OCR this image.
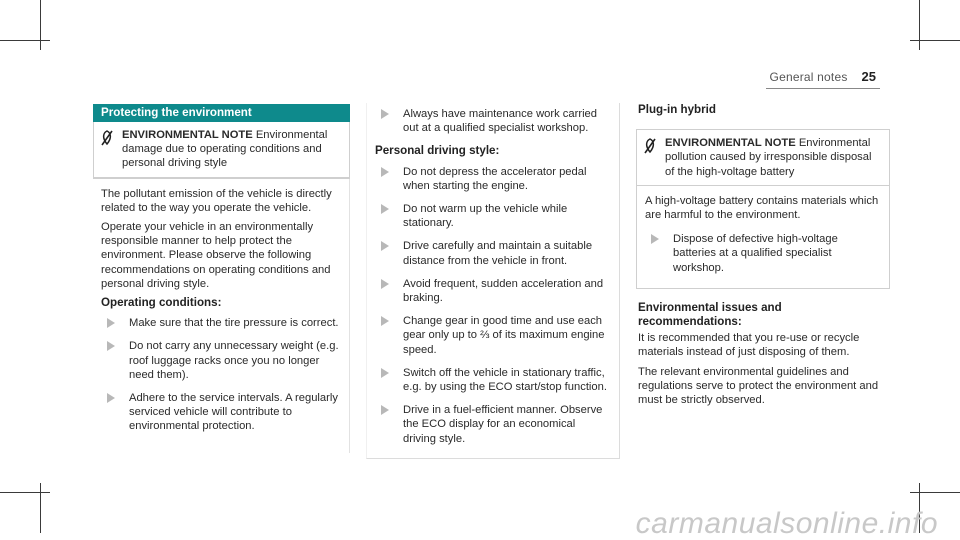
General notes 25
Protecting the environment
ENVIRONMENTAL NOTE Environmental damage due to operating conditions and personal driving style

The pollutant emission of the vehicle is directly related to the way you operate the vehicle.

Operate your vehicle in an environmentally responsible manner to help protect the environment. Please observe the following recommendations on operating conditions and personal driving style.

Operating conditions:
Make sure that the tire pressure is correct.
Do not carry any unnecessary weight (e.g. roof luggage racks once you no longer need them).
Adhere to the service intervals. A regularly serviced vehicle will contribute to environmental protection.
Always have maintenance work carried out at a qualified specialist workshop.
Personal driving style:
Do not depress the accelerator pedal when starting the engine.
Do not warm up the vehicle while stationary.
Drive carefully and maintain a suitable distance from the vehicle in front.
Avoid frequent, sudden acceleration and braking.
Change gear in good time and use each gear only up to ⅔ of its maximum engine speed.
Switch off the vehicle in stationary traffic, e.g. by using the ECO start/stop function.
Drive in a fuel-efficient manner. Observe the ECO display for an economical driving style.
Plug-in hybrid
ENVIRONMENTAL NOTE Environmental pollution caused by irresponsible disposal of the high-voltage battery

A high-voltage battery contains materials which are harmful to the environment.

Dispose of defective high-voltage batteries at a qualified specialist workshop.
Environmental issues and recommendations:

It is recommended that you re-use or recycle materials instead of just disposing of them.

The relevant environmental guidelines and regulations serve to protect the environment and must be strictly observed.

carmanualsonline.info
